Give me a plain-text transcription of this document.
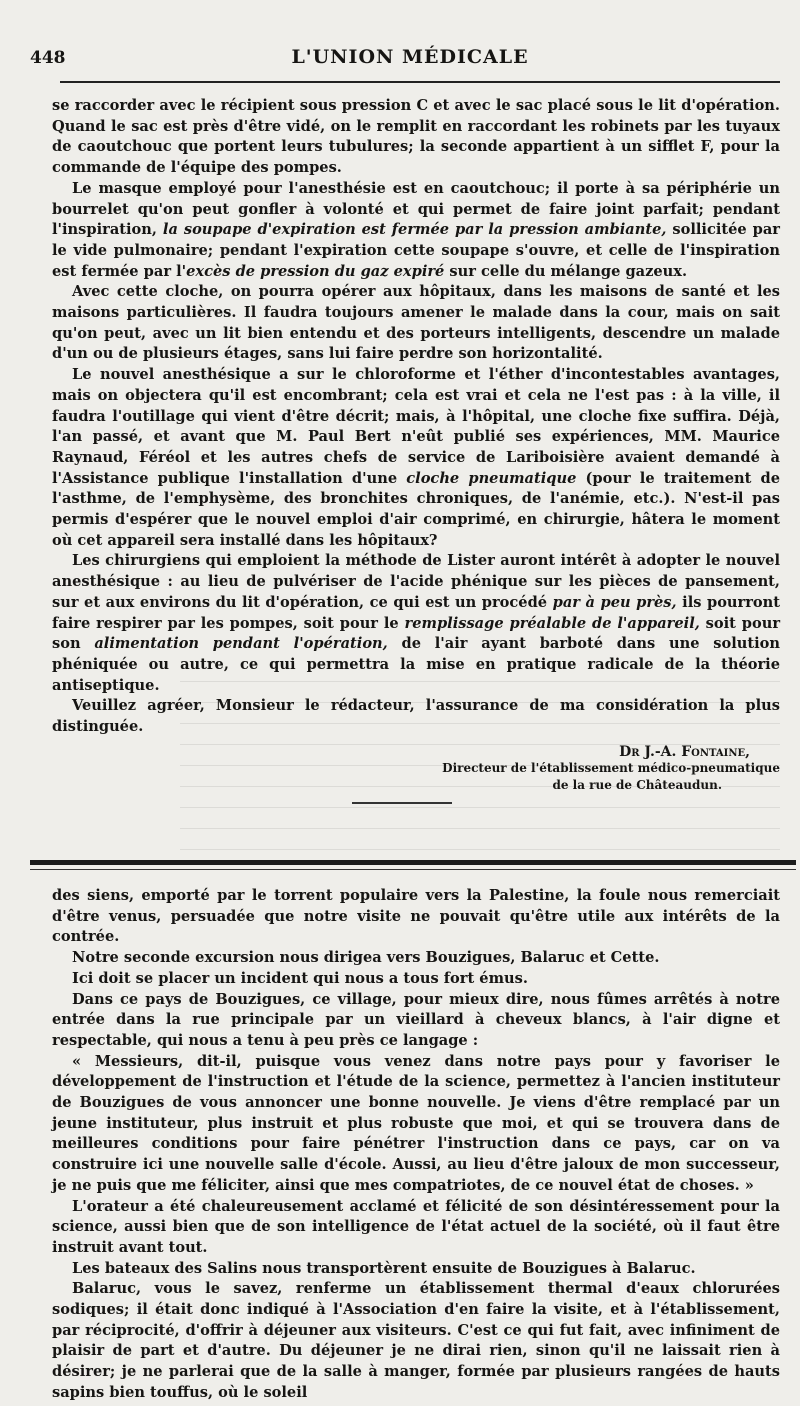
448	L'UNION MÉDICALE

se raccorder avec le récipient sous pression C et avec le sac placé sous le lit d'opération. Quand le sac est près d'être vidé, on le remplit en raccordant les robinets par les tuyaux de caoutchouc que portent leurs tubulures; la seconde appartient à un sifflet F, pour la commande de l'équipe des pompes.

Le masque employé pour l'anesthésie est en caoutchouc; il porte à sa périphérie un bourrelet qu'on peut gonfler à volonté et qui permet de faire joint parfait; pendant l'inspiration, la soupape d'expiration est fermée par la pression ambiante, sollicitée par le vide pulmonaire; pendant l'expiration cette soupape s'ouvre, et celle de l'inspiration est fermée par l'excès de pression du gaz expiré sur celle du mélange gazeux.

Avec cette cloche, on pourra opérer aux hôpitaux, dans les maisons de santé et les maisons particulières. Il faudra toujours amener le malade dans la cour, mais on sait qu'on peut, avec un lit bien entendu et des porteurs intelligents, descendre un malade d'un ou de plusieurs étages, sans lui faire perdre son horizontalité.

Le nouvel anesthésique a sur le chloroforme et l'éther d'incontestables avantages, mais on objectera qu'il est encombrant; cela est vrai et cela ne l'est pas : à la ville, il faudra l'outillage qui vient d'être décrit; mais, à l'hôpital, une cloche fixe suffira. Déjà, l'an passé, et avant que M. Paul Bert n'eût publié ses expériences, MM. Maurice Raynaud, Féréol et les autres chefs de service de Lariboisière avaient demandé à l'Assistance publique l'installation d'une cloche pneumatique (pour le traitement de l'asthme, de l'emphysème, des bronchites chroniques, de l'anémie, etc.). N'est-il pas permis d'espérer que le nouvel emploi d'air comprimé, en chirurgie, hâtera le moment où cet appareil sera installé dans les hôpitaux?

Les chirurgiens qui emploient la méthode de Lister auront intérêt à adopter le nouvel anesthésique : au lieu de pulvériser de l'acide phénique sur les pièces de pansement, sur et aux environs du lit d'opération, ce qui est un procédé par à peu près, ils pourront faire respirer par les pompes, soit pour le remplissage préalable de l'appareil, soit pour son alimentation pendant l'opération, de l'air ayant barboté dans une solution phéniquée ou autre, ce qui permettra la mise en pratique radicale de la théorie antiseptique.

Veuillez agréer, Monsieur le rédacteur, l'assurance de ma considération la plus distinguée.

Dr J.-A. Fontaine,
Directeur de l'établissement médico-pneumatique

de la rue de Châteaudun.

des siens, emporté par le torrent populaire vers la Palestine, la foule nous remerciait d'être venus, persuadée que notre visite ne pouvait qu'être utile aux intérêts de la contrée.

Notre seconde excursion nous dirigea vers Bouzigues, Balaruc et Cette.

Ici doit se placer un incident qui nous a tous fort émus.

Dans ce pays de Bouzigues, ce village, pour mieux dire, nous fûmes arrêtés à notre entrée dans la rue principale par un vieillard à cheveux blancs, à l'air digne et respectable, qui nous a tenu à peu près ce langage :

« Messieurs, dit-il, puisque vous venez dans notre pays pour y favoriser le développement de l'instruction et l'étude de la science, permettez à l'ancien instituteur de Bouzigues de vous annoncer une bonne nouvelle. Je viens d'être remplacé par un jeune instituteur, plus instruit et plus robuste que moi, et qui se trouvera dans de meilleures conditions pour faire pénétrer l'instruction dans ce pays, car on va construire ici une nouvelle salle d'école. Aussi, au lieu d'être jaloux de mon successeur, je ne puis que me féliciter, ainsi que mes compatriotes, de ce nouvel état de choses. »

L'orateur a été chaleureusement acclamé et félicité de son désintéressement pour la science, aussi bien que de son intelligence de l'état actuel de la société, où il faut être instruit avant tout.

Les bateaux des Salins nous transportèrent ensuite de Bouzigues à Balaruc.

Balaruc, vous le savez, renferme un établissement thermal d'eaux chlorurées sodiques; il était donc indiqué à l'Association d'en faire la visite, et à l'établissement, par réciprocité, d'offrir à déjeuner aux visiteurs. C'est ce qui fut fait, avec infiniment de plaisir de part et d'autre. Du déjeuner je ne dirai rien, sinon qu'il ne laissait rien à désirer; je ne parlerai que de la salle à manger, formée par plusieurs rangées de hauts sapins bien touffus, où le soleil
